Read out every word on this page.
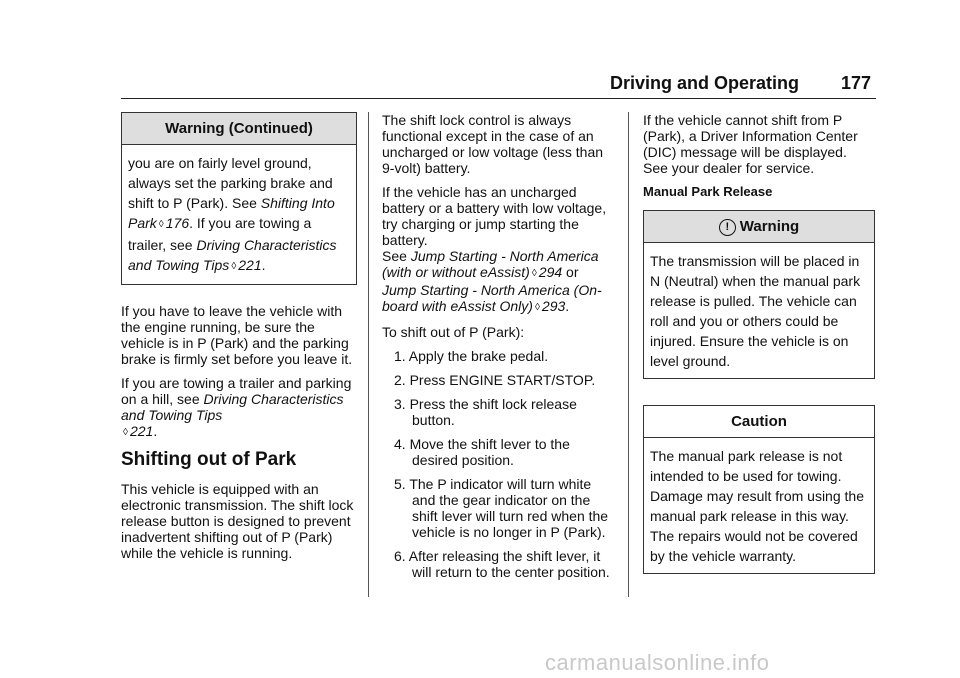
Driving and Operating 177
Warning (Continued)
you are on fairly level ground, always set the parking brake and shift to P (Park). See Shifting Into Park ◊ 176. If you are towing a trailer, see Driving Characteristics and Towing Tips ◊ 221.

If you have to leave the vehicle with the engine running, be sure the vehicle is in P (Park) and the parking brake is firmly set before you leave it.

If you are towing a trailer and parking on a hill, see Driving Characteristics and Towing Tips
◊ 221.

Shifting out of Park

This vehicle is equipped with an electronic transmission. The shift lock release button is designed to prevent inadvertent shifting out of P (Park) while the vehicle is running.

The shift lock control is always functional except in the case of an uncharged or low voltage (less than 9-volt) battery.

If the vehicle has an uncharged battery or a battery with low voltage, try charging or jump starting the battery.
See Jump Starting - North America (with or without eAssist) ◊ 294 or Jump Starting - North America (On-board with eAssist Only) ◊ 293.

To shift out of P (Park):

1. Apply the brake pedal.
2. Press ENGINE START/STOP.
3. Press the shift lock release button.
4. Move the shift lever to the desired position.
5. The P indicator will turn white and the gear indicator on the shift lever will turn red when the vehicle is no longer in P (Park).
6. After releasing the shift lever, it will return to the center position.

If the vehicle cannot shift from P (Park), a Driver Information Center (DIC) message will be displayed. See your dealer for service.

Manual Park Release
! Warning
The transmission will be placed in N (Neutral) when the manual park release is pulled. The vehicle can roll and you or others could be injured. Ensure the vehicle is on level ground.
Caution
The manual park release is not intended to be used for towing. Damage may result from using the manual park release in this way. The repairs would not be covered by the vehicle warranty.
carmanualsonline.info
